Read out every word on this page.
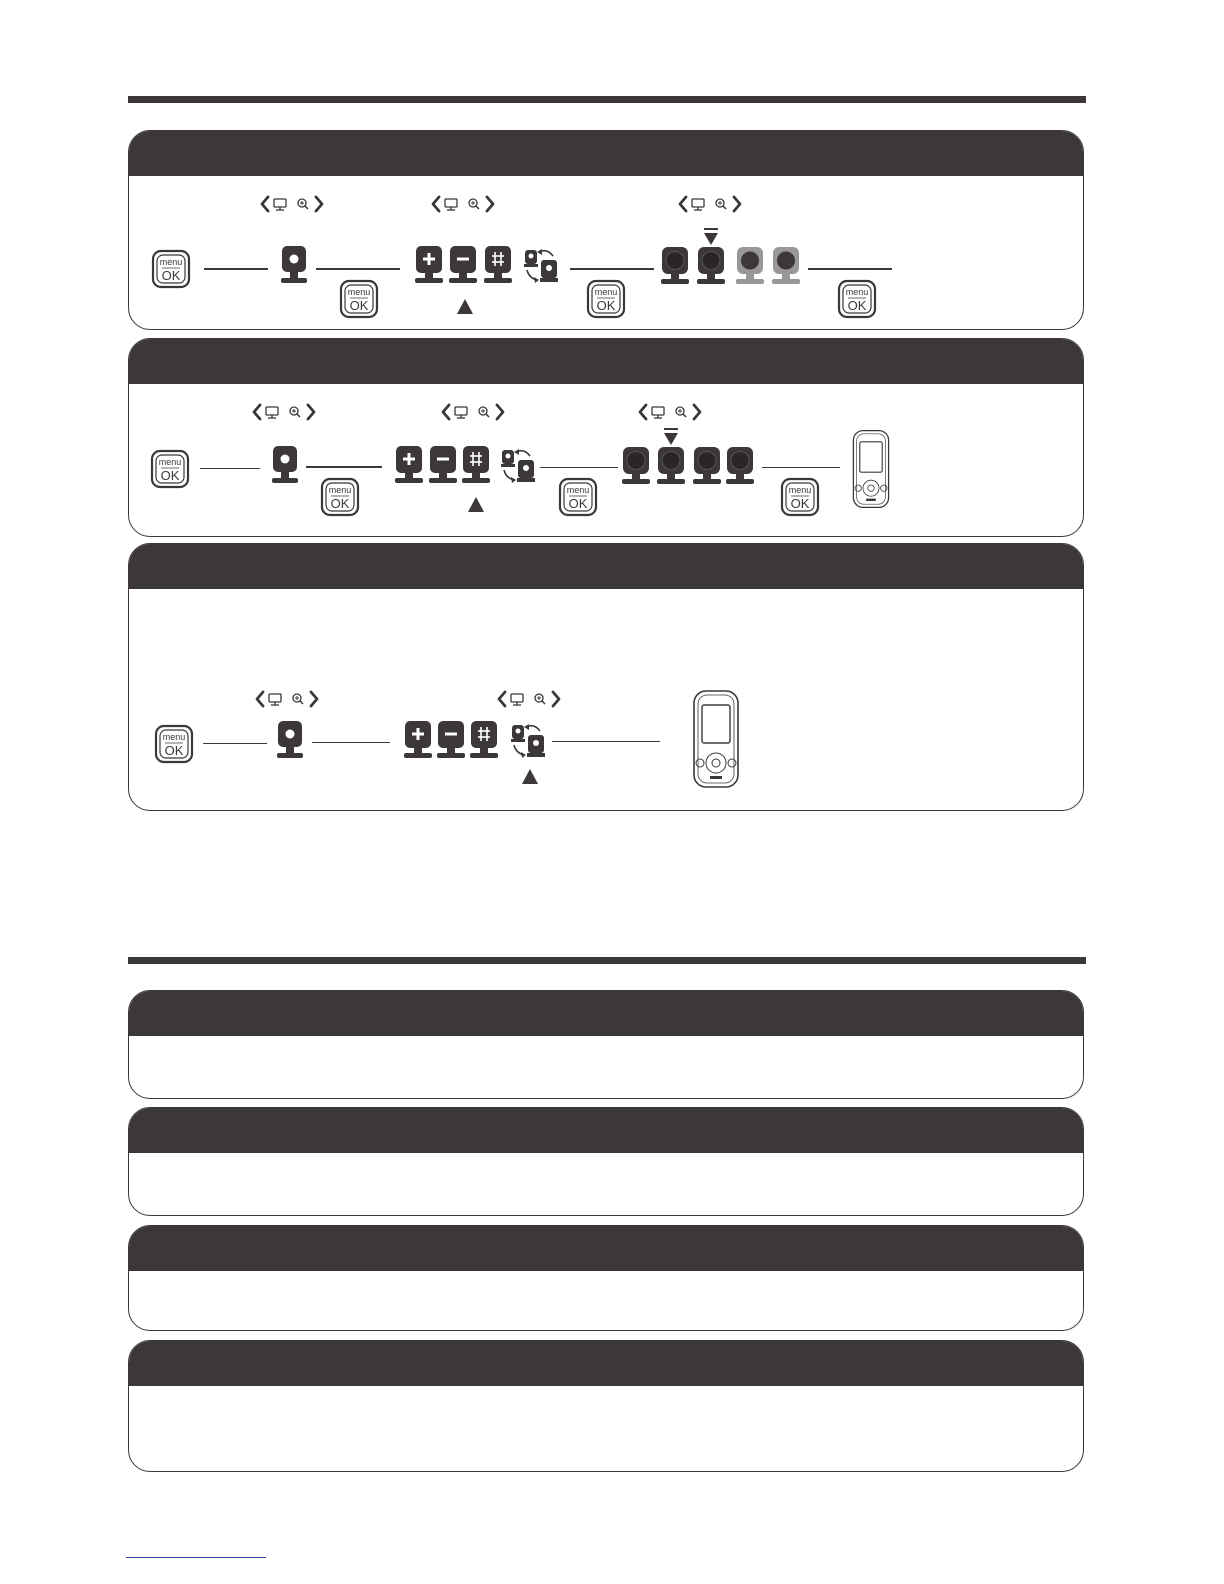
menu
OK
menu
OK
menu
OK
menu
OK
menu
OK
menu
OK
menu
OK
menu
OK
menu
OK
